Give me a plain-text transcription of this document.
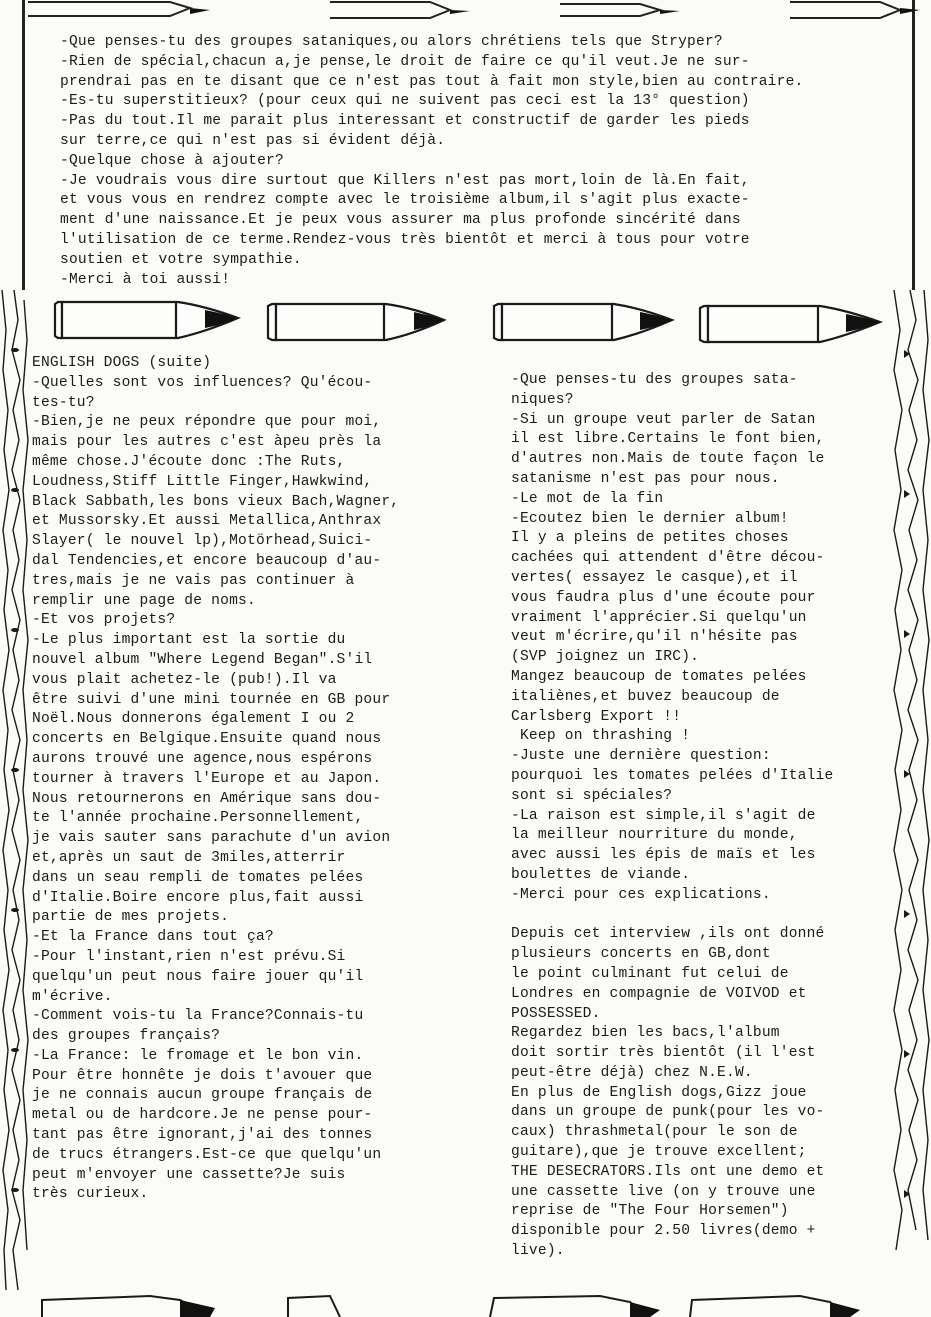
-Que penses-tu des groupes sataniques,ou alors chrétiens tels que Stryper?
-Rien de spécial,chacun a,je pense,le droit de faire ce qu'il veut.Je ne sur-
prendrai pas en te disant que ce n'est pas tout à fait mon style,bien au contraire.
-Es-tu superstitieux? (pour ceux qui ne suivent pas ceci est la 13° question)
-Pas du tout.Il me parait plus interessant et constructif de garder les pieds
sur terre,ce qui n'est pas si évident déjà.
-Quelque chose à ajouter?
-Je voudrais vous dire surtout que Killers n'est pas mort,loin de là.En fait,
et vous vous en rendrez compte avec le troisième album,il s'agit plus exacte-
ment d'une naissance.Et je peux vous assurer ma plus profonde sincérité dans
l'utilisation de ce terme.Rendez-vous très bientôt et merci à tous pour votre
soutien et votre sympathie.
-Merci à toi aussi!
ENGLISH DOGS (suite)
-Quelles sont vos influences? Qu'écou-
tes-tu?
-Bien,je ne peux répondre que pour moi,
mais pour les autres c'est àpeu près la
même chose.J'écoute donc :The Ruts,
Loudness,Stiff Little Finger,Hawkwind,
Black Sabbath,les bons vieux Bach,Wagner,
et Mussorsky.Et aussi Metallica,Anthrax
Slayer( le nouvel lp),Motörhead,Suici-
dal Tendencies,et encore beaucoup d'au-
tres,mais je ne vais pas continuer à
remplir une page de noms.
-Et vos projets?
-Le plus important est la sortie du
nouvel album "Where Legend Began".S'il
vous plait achetez-le (pub!).Il va
être suivi d'une mini tournée en GB pour
Noël.Nous donnerons également I ou 2
concerts en Belgique.Ensuite quand nous
aurons trouvé une agence,nous espérons
tourner à travers l'Europe et au Japon.
Nous retournerons en Amérique sans dou-
te l'année prochaine.Personnellement,
je vais sauter sans parachute d'un avion
et,après un saut de 3miles,atterrir
dans un seau rempli de tomates pelées
d'Italie.Boire encore plus,fait aussi
partie de mes projets.
-Et la France dans tout ça?
-Pour l'instant,rien n'est prévu.Si
quelqu'un peut nous faire jouer qu'il
m'écrive.
-Comment vois-tu la France?Connais-tu
des groupes français?
-La France: le fromage et le bon vin.
Pour être honnête je dois t'avouer que
je ne connais aucun groupe français de
metal ou de hardcore.Je ne pense pour-
tant pas être ignorant,j'ai des tonnes
de trucs étrangers.Est-ce que quelqu'un
peut m'envoyer une cassette?Je suis
très curieux.
-Que penses-tu des groupes sata-
niques?
-Si un groupe veut parler de Satan
il est libre.Certains le font bien,
d'autres non.Mais de toute façon le
satanisme n'est pas pour nous.
-Le mot de la fin
-Ecoutez bien le dernier album!
Il y a pleins de petites choses
cachées qui attendent d'être décou-
vertes( essayez le casque),et il
vous faudra plus d'une écoute pour
vraiment l'apprécier.Si quelqu'un
veut m'écrire,qu'il n'hésite pas
(SVP joignez un IRC).
Mangez beaucoup de tomates pelées
italiènes,et buvez beaucoup de
Carlsberg Export !!
Keep on thrashing !
-Juste une dernière question:
pourquoi les tomates pelées d'Italie
sont si spéciales?
-La raison est simple,il s'agit de
la meilleur nourriture du monde,
avec aussi les épis de maïs et les
boulettes de viande.
-Merci pour ces explications.

Depuis cet interview ,ils ont donné
plusieurs concerts en GB,dont
le point culminant fut celui de
Londres en compagnie de VOIVOD et
POSSESSED.
Regardez bien les bacs,l'album
doit sortir très bientôt (il l'est
peut-être déjà) chez N.E.W.
En plus de English dogs,Gizz joue
dans un groupe de punk(pour les vo-
caux) thrashmetal(pour le son de
guitare),que je trouve excellent;
THE DESECRATORS.Ils ont une demo et
une cassette live (on y trouve une
reprise de "The Four Horsemen")
disponible pour 2.50 livres(demo +
live).
